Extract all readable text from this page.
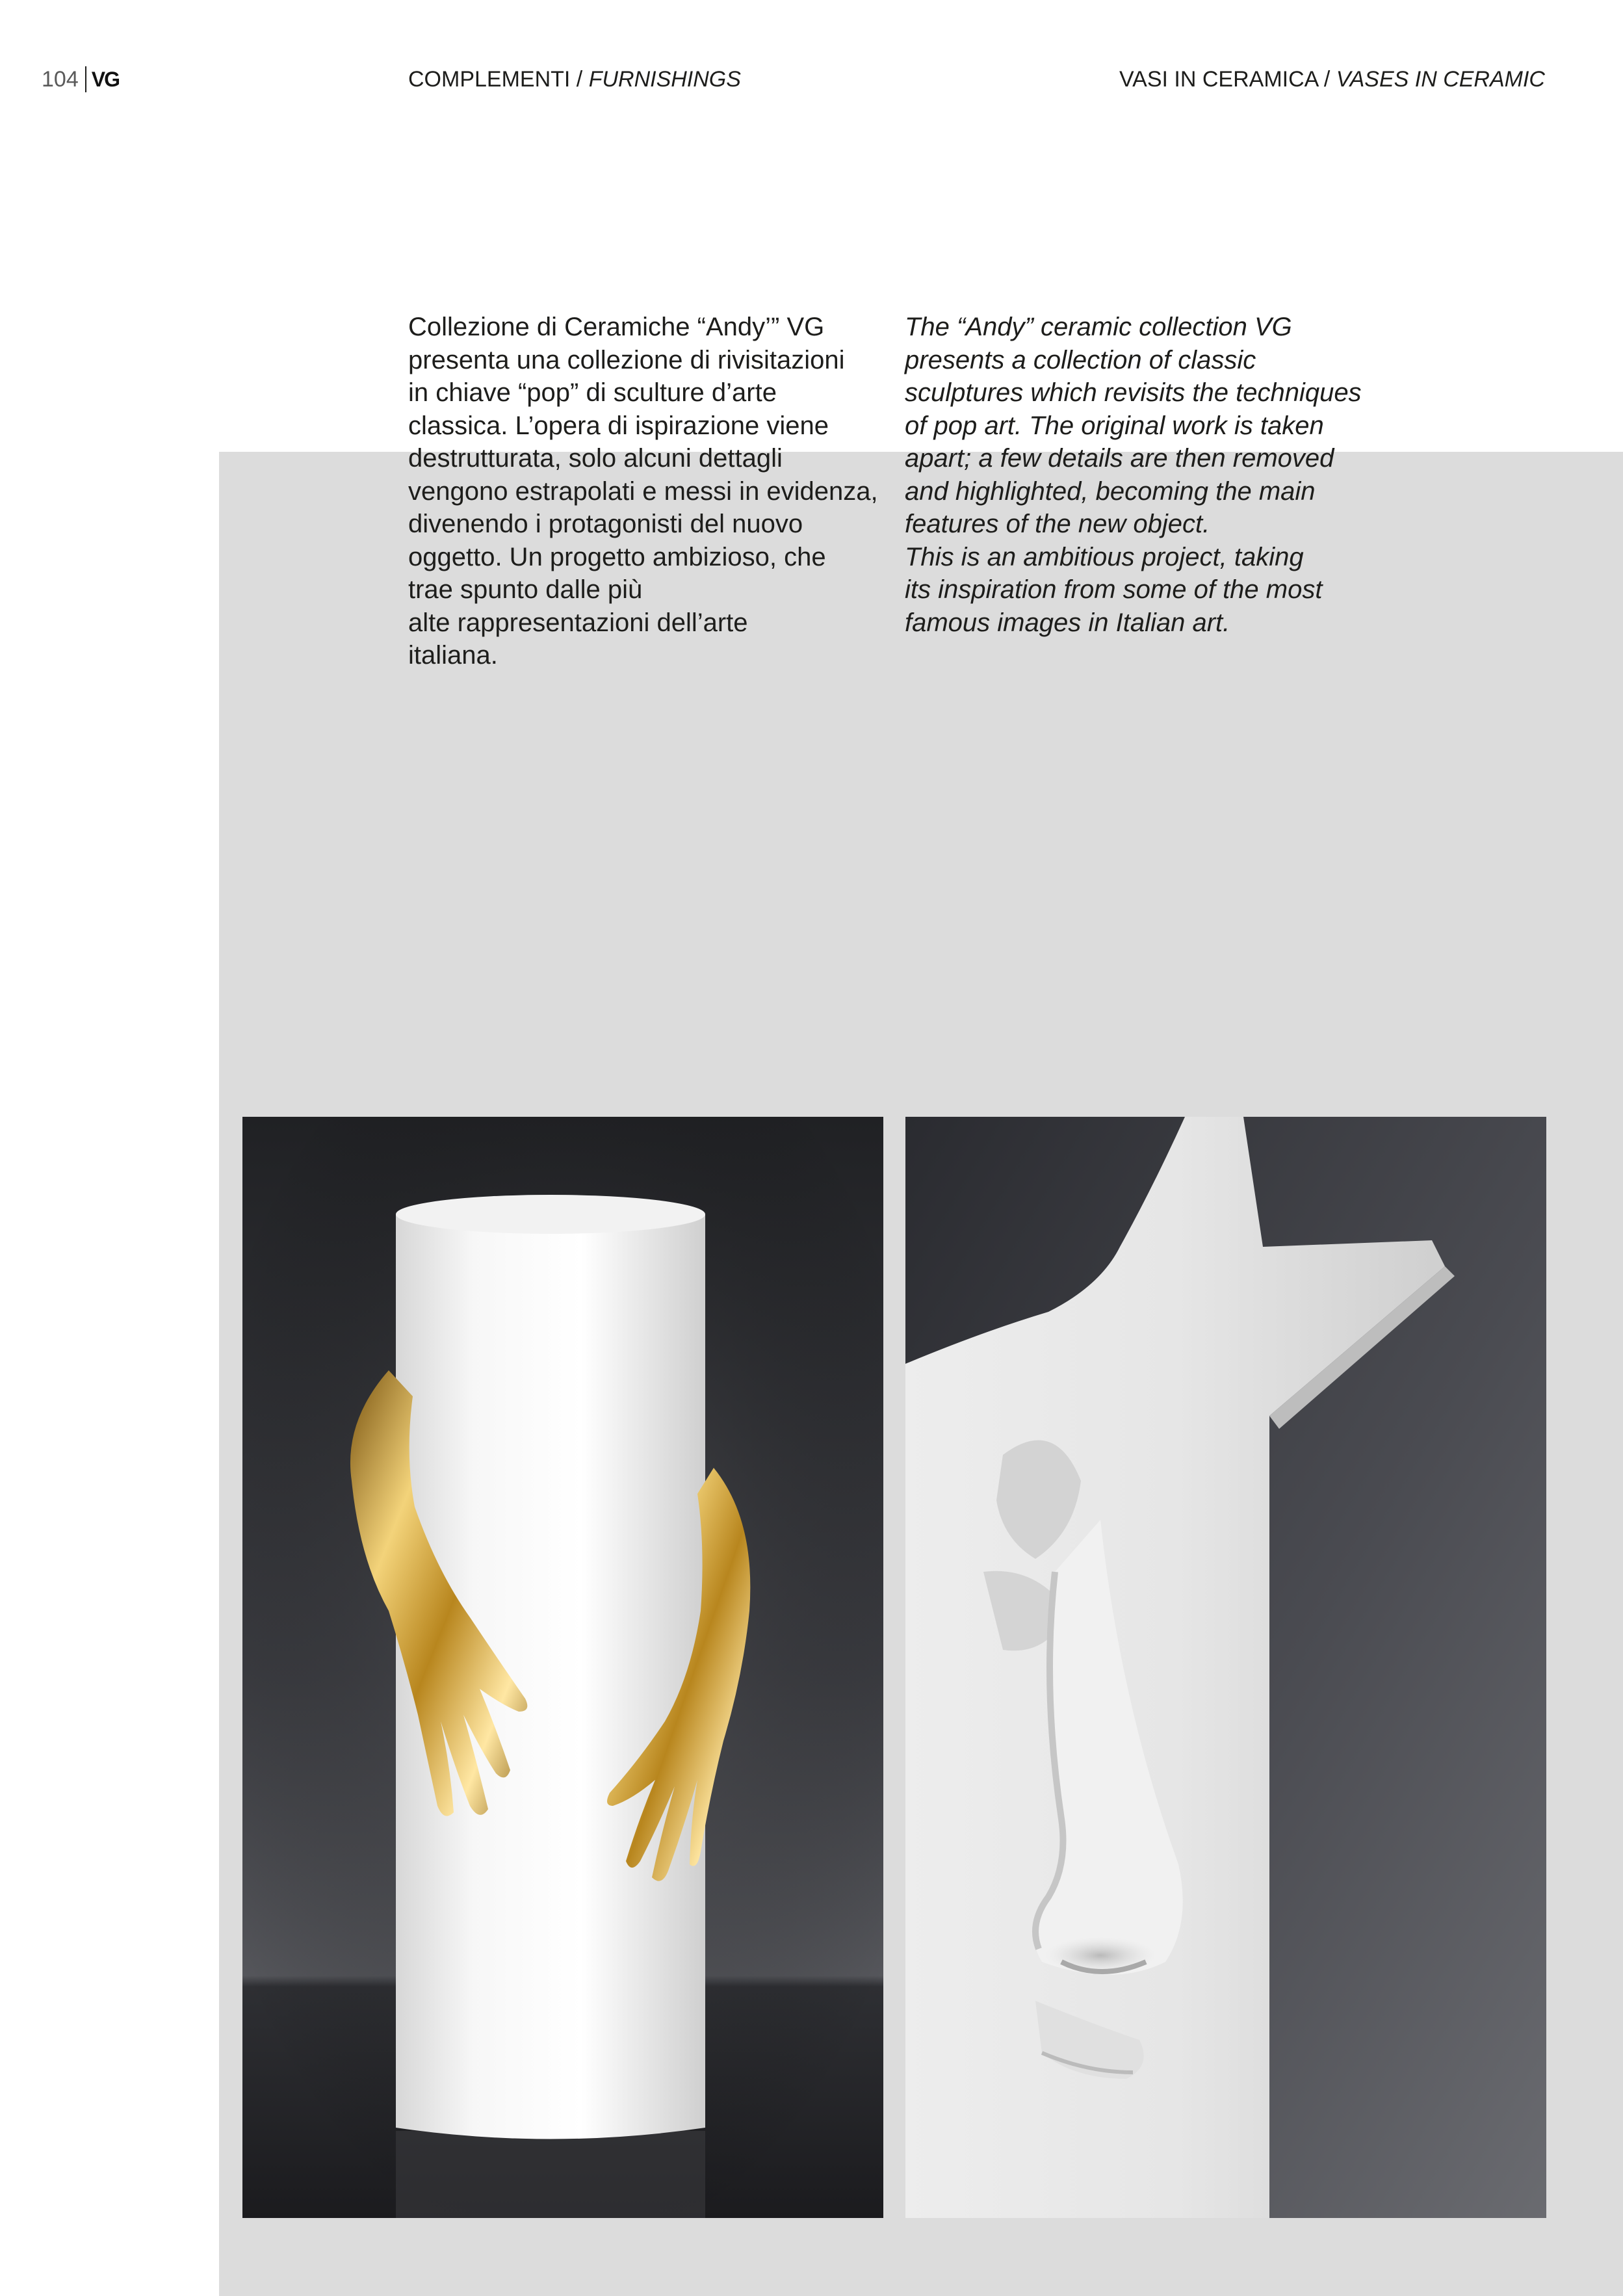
104 VG	COMPLEMENTI / FURNISHINGS	VASI IN CERAMICA / VASES IN CERAMIC
Collezione di Ceramiche “Andy’” VG
presenta una collezione di rivisitazioni
in chiave “pop” di sculture d’arte
classica. L’opera di ispirazione viene
destrutturata, solo alcuni dettagli
vengono estrapolati e messi in evidenza,
divenendo i protagonisti del nuovo
oggetto. Un progetto ambizioso, che
trae spunto dalle più
alte rappresentazioni dell’arte
italiana.
The “Andy” ceramic collection VG
presents a collection of classic
sculptures which revisits the techniques
of pop art. The original work is taken
apart; a few details are then removed
and highlighted, becoming the main
features of the new object.
This is an ambitious project, taking
its inspiration from some of the most
famous images in Italian art.
